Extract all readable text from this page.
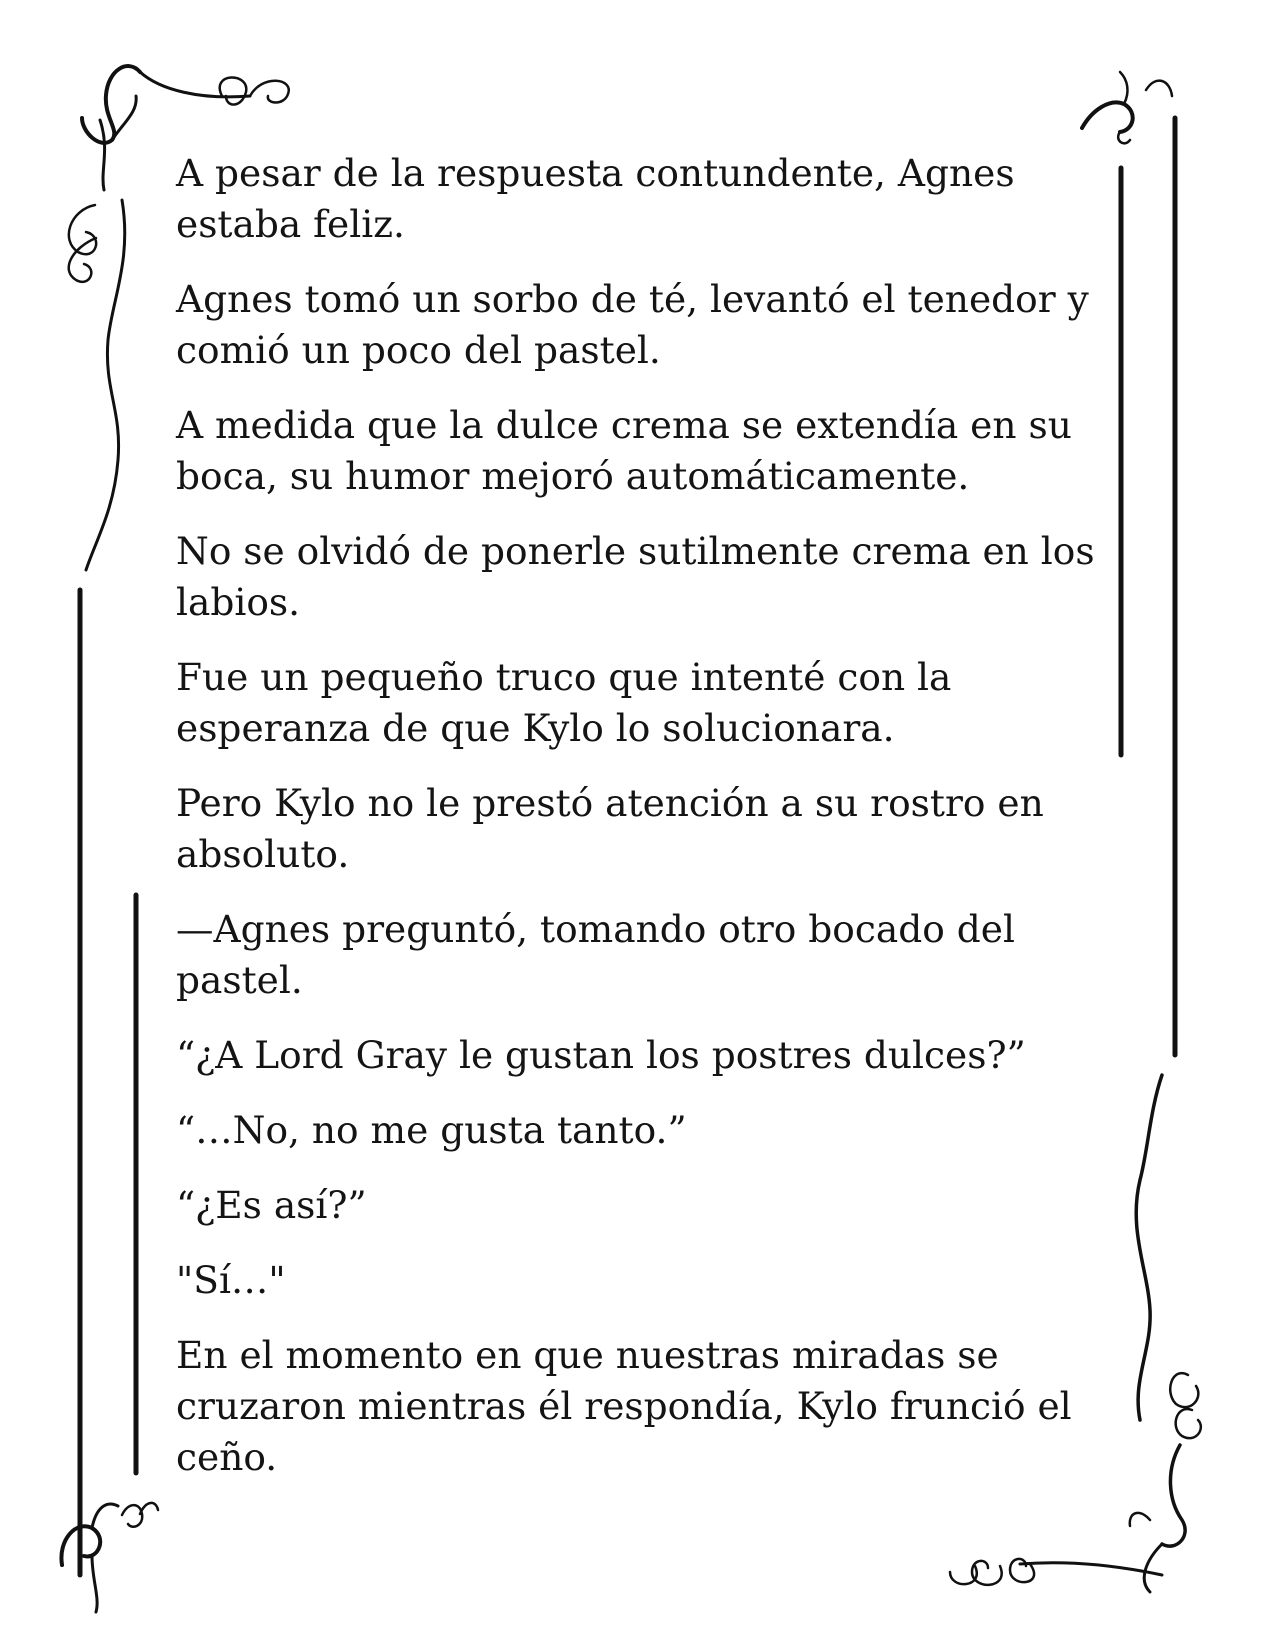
A pesar de la respuesta contundente, Agnes estaba feliz.

Agnes tomó un sorbo de té, levantó el tenedor y comió un poco del pastel.

A medida que la dulce crema se extendía en su boca, su humor mejoró automáticamente.

No se olvidó de ponerle sutilmente crema en los labios.

Fue un pequeño truco que intenté con la esperanza de que Kylo lo solucionara.

Pero Kylo no le prestó atención a su rostro en absoluto.

—Agnes preguntó, tomando otro bocado del pastel.

“¿A Lord Gray le gustan los postres dulces?”

“…No, no me gusta tanto.”

“¿Es así?”

"Sí…"

En el momento en que nuestras miradas se cruzaron mientras él respondía, Kylo frunció el ceño.
